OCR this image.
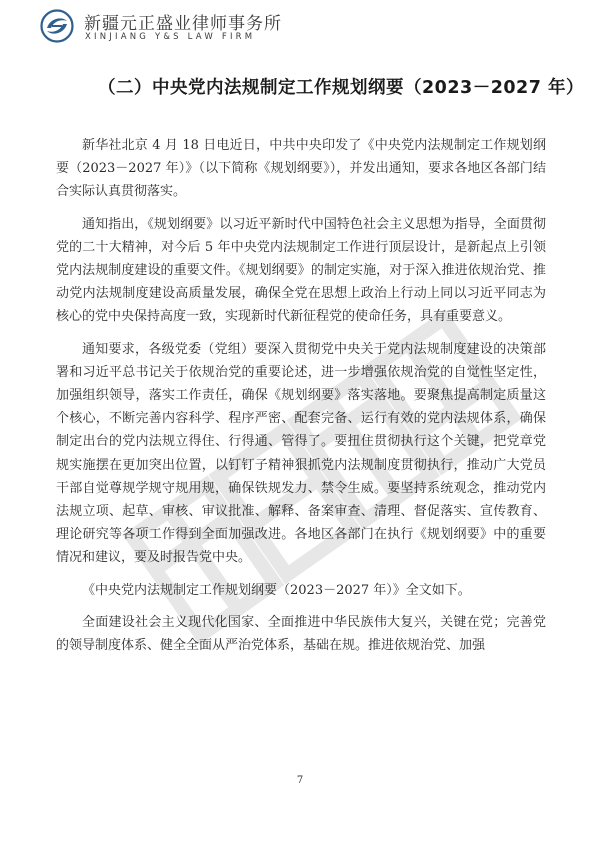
新疆元正盛业律师事务所
XINJIANG Y&S LAW FIRM
（二）中央党内法规制定工作规划纲要（2023－2027 年）

新华社北京 4 月 18 日电近日，中共中央印发了《中央党内法规制定工作规划纲要（2023－2027 年）》（以下简称《规划纲要》），并发出通知，要求各地区各部门结合实际认真贯彻落实。

通知指出，《规划纲要》以习近平新时代中国特色社会主义思想为指导，全面贯彻党的二十大精神，对今后 5 年中央党内法规制定工作进行顶层设计，是新起点上引领党内法规制度建设的重要文件。《规划纲要》的制定实施，对于深入推进依规治党、推动党内法规制度建设高质量发展，确保全党在思想上政治上行动上同以习近平同志为核心的党中央保持高度一致，实现新时代新征程党的使命任务，具有重要意义。

通知要求，各级党委（党组）要深入贯彻党中央关于党内法规制度建设的决策部署和习近平总书记关于依规治党的重要论述，进一步增强依规治党的自觉性坚定性，加强组织领导，落实工作责任，确保《规划纲要》落实落地。要聚焦提高制定质量这个核心，不断完善内容科学、程序严密、配套完备、运行有效的党内法规体系，确保制定出台的党内法规立得住、行得通、管得了。要扭住贯彻执行这个关键，把党章党规实施摆在更加突出位置，以钉钉子精神狠抓党内法规制度贯彻执行，推动广大党员干部自觉尊规学规守规用规，确保铁规发力、禁令生威。要坚持系统观念，推动党内法规立项、起草、审核、审议批准、解释、备案审查、清理、督促落实、宣传教育、理论研究等各项工作得到全面加强改进。各地区各部门在执行《规划纲要》中的重要情况和建议，要及时报告党中央。

《中央党内法规制定工作规划纲要（2023－2027 年）》全文如下。

全面建设社会主义现代化国家、全面推进中华民族伟大复兴，关键在党；完善党的领导制度体系、健全全面从严治党体系，基础在规。推进依规治党、加强

7
